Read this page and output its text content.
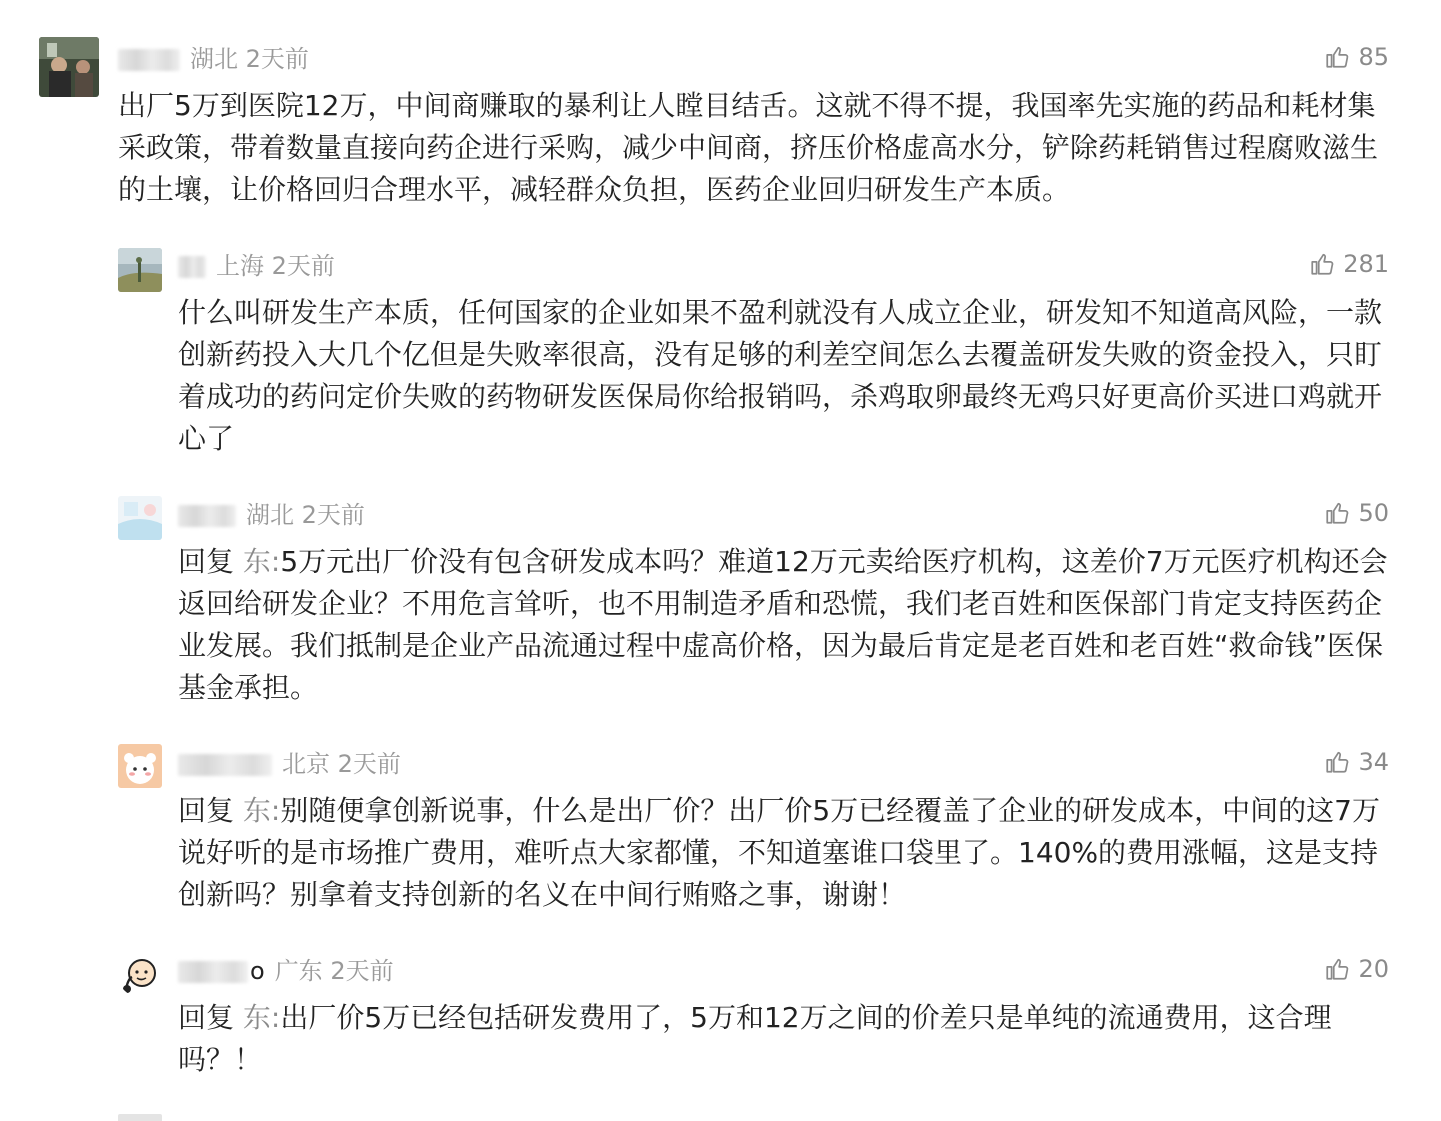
湖北 2天前	85
出厂5万到医院12万，中间商赚取的暴利让人瞠目结舌。这就不得不提，我国率先实施的药品和耗材集采政策，带着数量直接向药企进行采购，减少中间商，挤压价格虚高水分，铲除药耗销售过程腐败滋生的土壤，让价格回归合理水平，减轻群众负担，医药企业回归研发生产本质。
上海 2天前	281
什么叫研发生产本质，任何国家的企业如果不盈利就没有人成立企业，研发知不知道高风险，一款创新药投入大几个亿但是失败率很高，没有足够的利差空间怎么去覆盖研发失败的资金投入，只盯着成功的药问定价失败的药物研发医保局你给报销吗，杀鸡取卵最终无鸡只好更高价买进口鸡就开心了
湖北 2天前	50
回复 东:5万元出厂价没有包含研发成本吗？难道12万元卖给医疗机构，这差价7万元医疗机构还会返回给研发企业？不用危言耸听，也不用制造矛盾和恐慌，我们老百姓和医保部门肯定支持医药企业发展。我们抵制是企业产品流通过程中虚高价格，因为最后肯定是老百姓和老百姓“救命钱”医保基金承担。
北京 2天前	34
回复 东:别随便拿创新说事，什么是出厂价？出厂价5万已经覆盖了企业的研发成本，中间的这7万说好听的是市场推广费用，难听点大家都懂，不知道塞谁口袋里了。140%的费用涨幅，这是支持创新吗？别拿着支持创新的名义在中间行贿赂之事，谢谢！
o 广东 2天前	20
回复 东:出厂价5万已经包括研发费用了，5万和12万之间的价差只是单纯的流通费用，这合理吗？！
